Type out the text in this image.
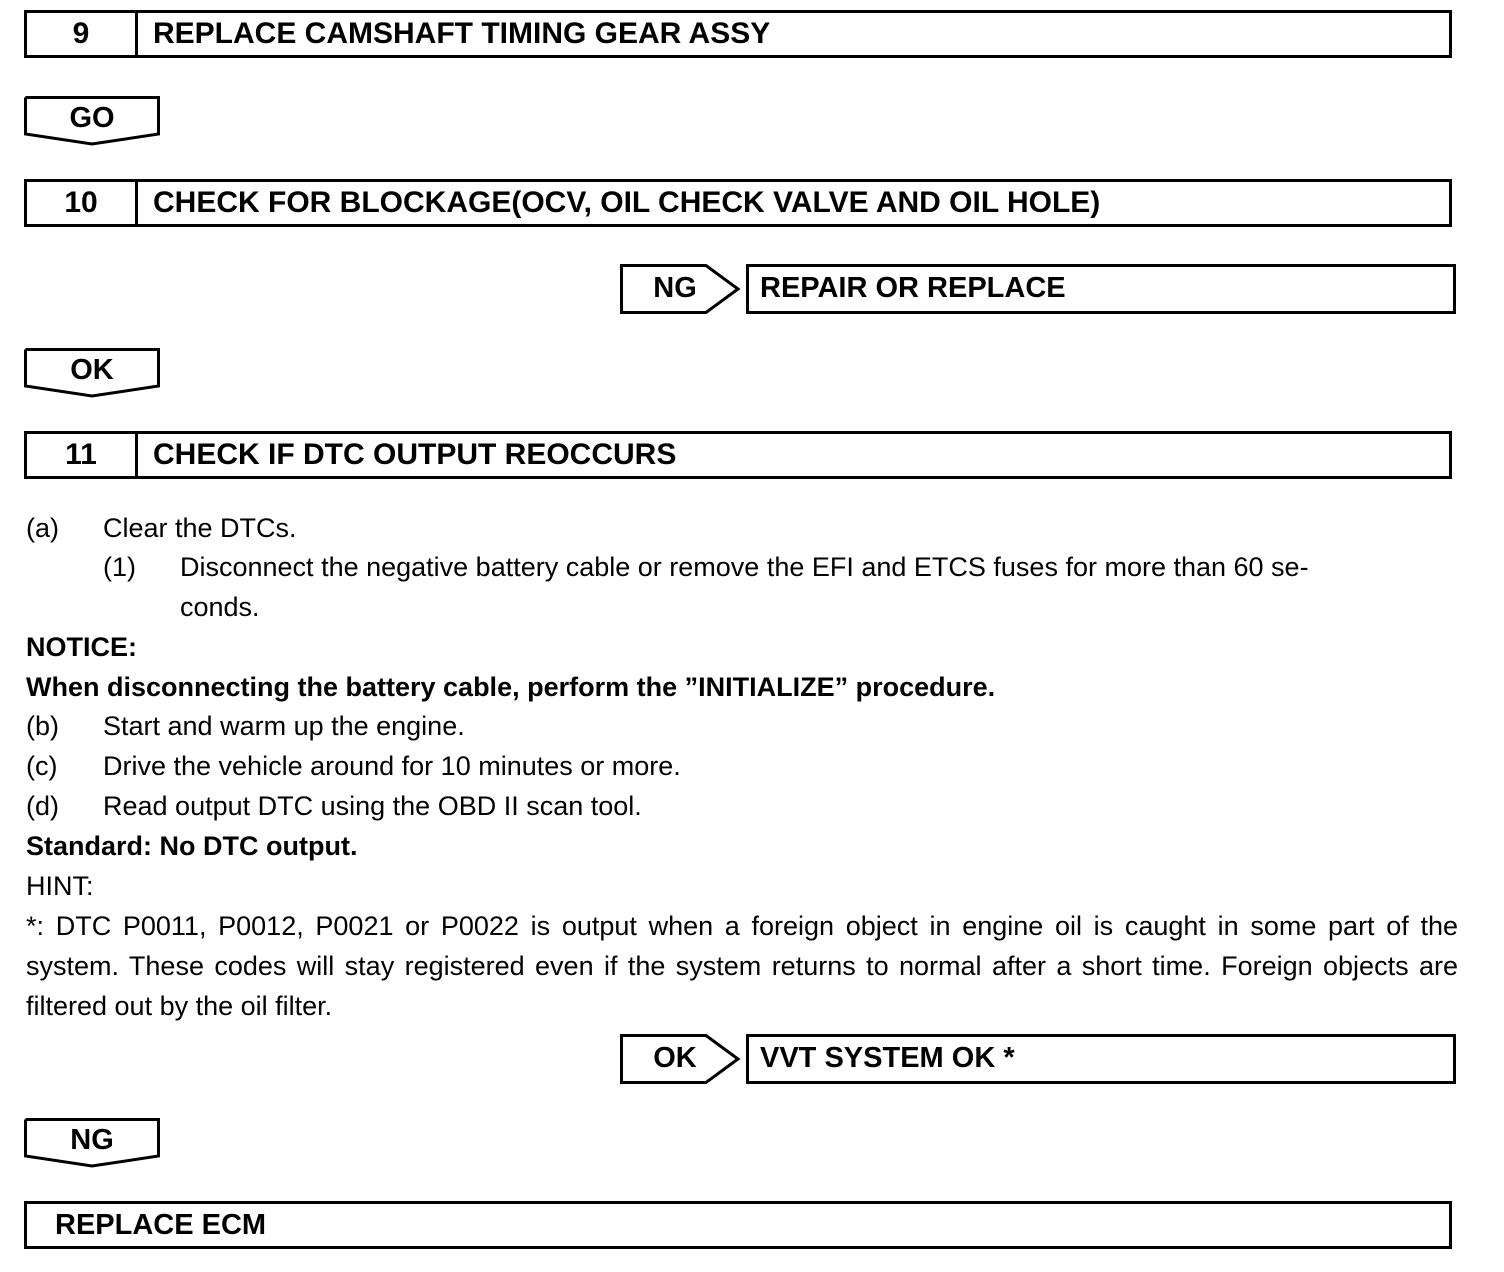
9	REPLACE CAMSHAFT TIMING GEAR ASSY
GO
10	CHECK FOR BLOCKAGE(OCV, OIL CHECK VALVE AND OIL HOLE)
NG	REPAIR OR REPLACE
OK
11	CHECK IF DTC OUTPUT REOCCURS
(a) Clear the DTCs.
(1) Disconnect the negative battery cable or remove the EFI and ETCS fuses for more than 60 se-
conds.
NOTICE:
When disconnecting the battery cable, perform the ”INITIALIZE” procedure.
(b) Start and warm up the engine.
(c) Drive the vehicle around for 10 minutes or more.
(d) Read output DTC using the OBD II scan tool.
Standard: No DTC output.
HINT:
*: DTC P0011, P0012, P0021 or P0022 is output when a foreign object in engine oil is caught in some part of the system. These codes will stay registered even if the system returns to normal after a short time. Foreign objects are filtered out by the oil filter.
OK	VVT SYSTEM OK *
NG
REPLACE ECM
